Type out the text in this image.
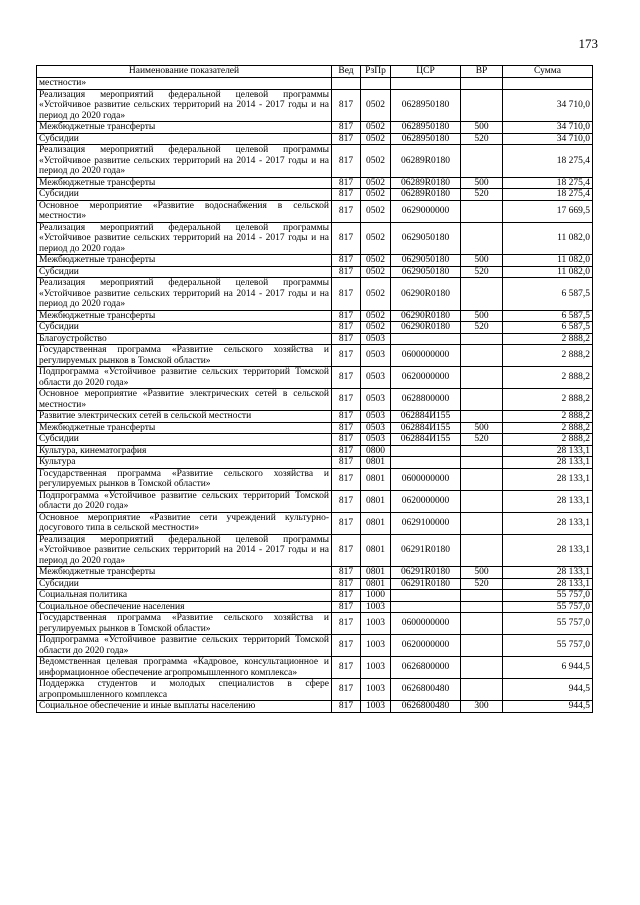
173
Наименование показателей	Вед	РзПр	ЦСР	ВР	Сумма
местности»					
Реализация мероприятий федеральной целевой программы «Устойчивое развитие сельских территорий на 2014 - 2017 годы и на период до 2020 года»	817	0502	0628950180		34 710,0
Межбюджетные трансферты	817	0502	0628950180	500	34 710,0
Субсидии	817	0502	0628950180	520	34 710,0
Реализация мероприятий федеральной целевой программы «Устойчивое развитие сельских территорий на 2014 - 2017 годы и на период до 2020 года»	817	0502	06289R0180		18 275,4
Межбюджетные трансферты	817	0502	06289R0180	500	18 275,4
Субсидии	817	0502	06289R0180	520	18 275,4
Основное мероприятие «Развитие водоснабжения в сельской местности»	817	0502	0629000000		17 669,5
Реализация мероприятий федеральной целевой программы «Устойчивое развитие сельских территорий на 2014 - 2017 годы и на период до 2020 года»	817	0502	0629050180		11 082,0
Межбюджетные трансферты	817	0502	0629050180	500	11 082,0
Субсидии	817	0502	0629050180	520	11 082,0
Реализация мероприятий федеральной целевой программы «Устойчивое развитие сельских территорий на 2014 - 2017 годы и на период до 2020 года»	817	0502	06290R0180		6 587,5
Межбюджетные трансферты	817	0502	06290R0180	500	6 587,5
Субсидии	817	0502	06290R0180	520	6 587,5
Благоустройство	817	0503			2 888,2
Государственная программа «Развитие сельского хозяйства и регулируемых рынков в Томской области»	817	0503	0600000000		2 888,2
Подпрограмма «Устойчивое развитие сельских территорий Томской области до 2020 года»	817	0503	0620000000		2 888,2
Основное мероприятие «Развитие электрических сетей в сельской местности»	817	0503	0628800000		2 888,2
Развитие электрических сетей в сельской местности	817	0503	062884И155		2 888,2
Межбюджетные трансферты	817	0503	062884И155	500	2 888,2
Субсидии	817	0503	062884И155	520	2 888,2
Культура, кинематография	817	0800			28 133,1
Культура	817	0801			28 133,1
Государственная программа «Развитие сельского хозяйства и регулируемых рынков в Томской области»	817	0801	0600000000		28 133,1
Подпрограмма «Устойчивое развитие сельских территорий Томской области до 2020 года»	817	0801	0620000000		28 133,1
Основное мероприятие «Развитие сети учреждений культурно-досугового типа в сельской местности»	817	0801	0629100000		28 133,1
Реализация мероприятий федеральной целевой программы «Устойчивое развитие сельских территорий на 2014 - 2017 годы и на период до 2020 года»	817	0801	06291R0180		28 133,1
Межбюджетные трансферты	817	0801	06291R0180	500	28 133,1
Субсидии	817	0801	06291R0180	520	28 133,1
Социальная политика	817	1000			55 757,0
Социальное обеспечение населения	817	1003			55 757,0
Государственная программа «Развитие сельского хозяйства и регулируемых рынков в Томской области»	817	1003	0600000000		55 757,0
Подпрограмма «Устойчивое развитие сельских территорий Томской области до 2020 года»	817	1003	0620000000		55 757,0
Ведомственная целевая программа «Кадровое, консультационное и информационное обеспечение агропромышленного комплекса»	817	1003	0626800000		6 944,5
Поддержка студентов и молодых специалистов в сфере агропромышленного комплекса	817	1003	0626800480		944,5
Социальное обеспечение и иные выплаты населению	817	1003	0626800480	300	944,5
